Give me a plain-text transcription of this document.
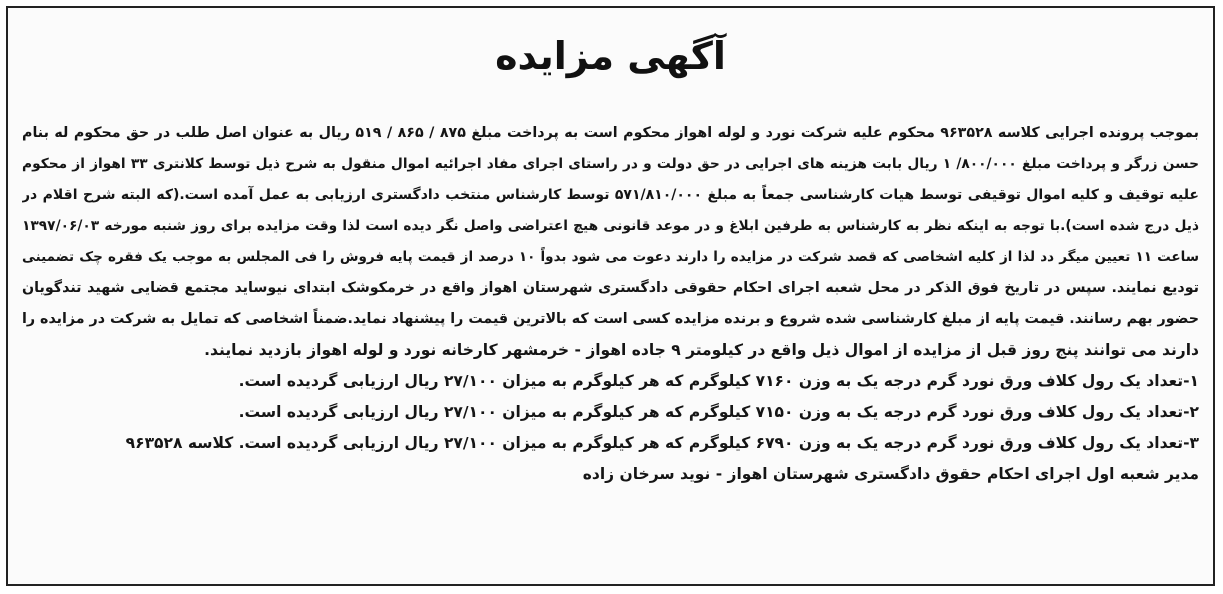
آگهی مزایده
بموجب پرونده اجرایی کلاسه ۹۶۳۵۲۸ محکوم علیه شرکت نورد و لوله اهواز محکوم است به پرداخت مبلغ ۸۷۵ / ۸۶۵ / ۵۱۹ ریال به عنوان اصل طلب در حق محکوم له بنام
حسن زرگر و پرداخت مبلغ ۸۰۰/۰۰۰/ ۱ ریال بابت هزینه های اجرایی در حق دولت و در راستای اجرای مفاد اجرائیه اموال منقول به شرح ذیل توسط کلانتری ۳۳ اهواز از محکوم
علیه توقیف و کلیه اموال توقیفی توسط هیات کارشناسی جمعاً به مبلغ ۵۷۱/۸۱۰/۰۰۰ توسط کارشناس منتخب دادگستری ارزیابی به عمل آمده است.(که البته شرح اقلام در
ذیل درج شده است).با توجه به اینکه نظر به کارشناس به طرفین ابلاغ و در موعد قانونی هیچ اعتراضی واصل نگر دیده است لذا وقت مزایده برای روز شنبه مورخه ۱۳۹۷/۰۶/۰۳
ساعت ۱۱ تعیین میگر دد لذا از کلیه اشخاصی که قصد شرکت در مزایده را دارند دعوت می شود بدواً ۱۰ درصد از قیمت پایه فروش را فی المجلس به موجب یک فقره چک تضمینی
تودیع نمایند. سپس در تاریخ فوق الذکر در محل شعبه اجرای احکام حقوقی دادگستری شهرستان اهواز واقع در خرمکوشک ابتدای نیوساید مجتمع قضایی شهید تندگویان
حضور بهم رسانند. قیمت پایه از مبلغ کارشناسی شده شروع و برنده مزایده کسی است که بالاترین قیمت را پیشنهاد نماید.ضمناً اشخاصی که تمایل به شرکت در مزایده را
دارند می توانند پنج روز قبل از مزایده از اموال ذیل واقع در کیلومتر ۹ جاده اهواز - خرمشهر کارخانه نورد و لوله اهواز بازدید نمایند.
۱-تعداد یک رول کلاف ورق نورد گرم درجه یک به وزن ۷۱۶۰ کیلوگرم که هر کیلوگرم به میزان ۲۷/۱۰۰ ریال ارزیابی گردیده است.
۲-تعداد یک رول کلاف ورق نورد گرم درجه یک به وزن ۷۱۵۰ کیلوگرم که هر کیلوگرم به میزان ۲۷/۱۰۰ ریال ارزیابی گردیده است.
۳-تعداد یک رول کلاف ورق نورد گرم درجه یک به وزن ۶۷۹۰ کیلوگرم که هر کیلوگرم به میزان ۲۷/۱۰۰ ریال ارزیابی گردیده است. کلاسه ۹۶۳۵۲۸
مدیر شعبه اول اجرای احکام حقوق دادگستری شهرستان اهواز - نوید سرخان زاده
